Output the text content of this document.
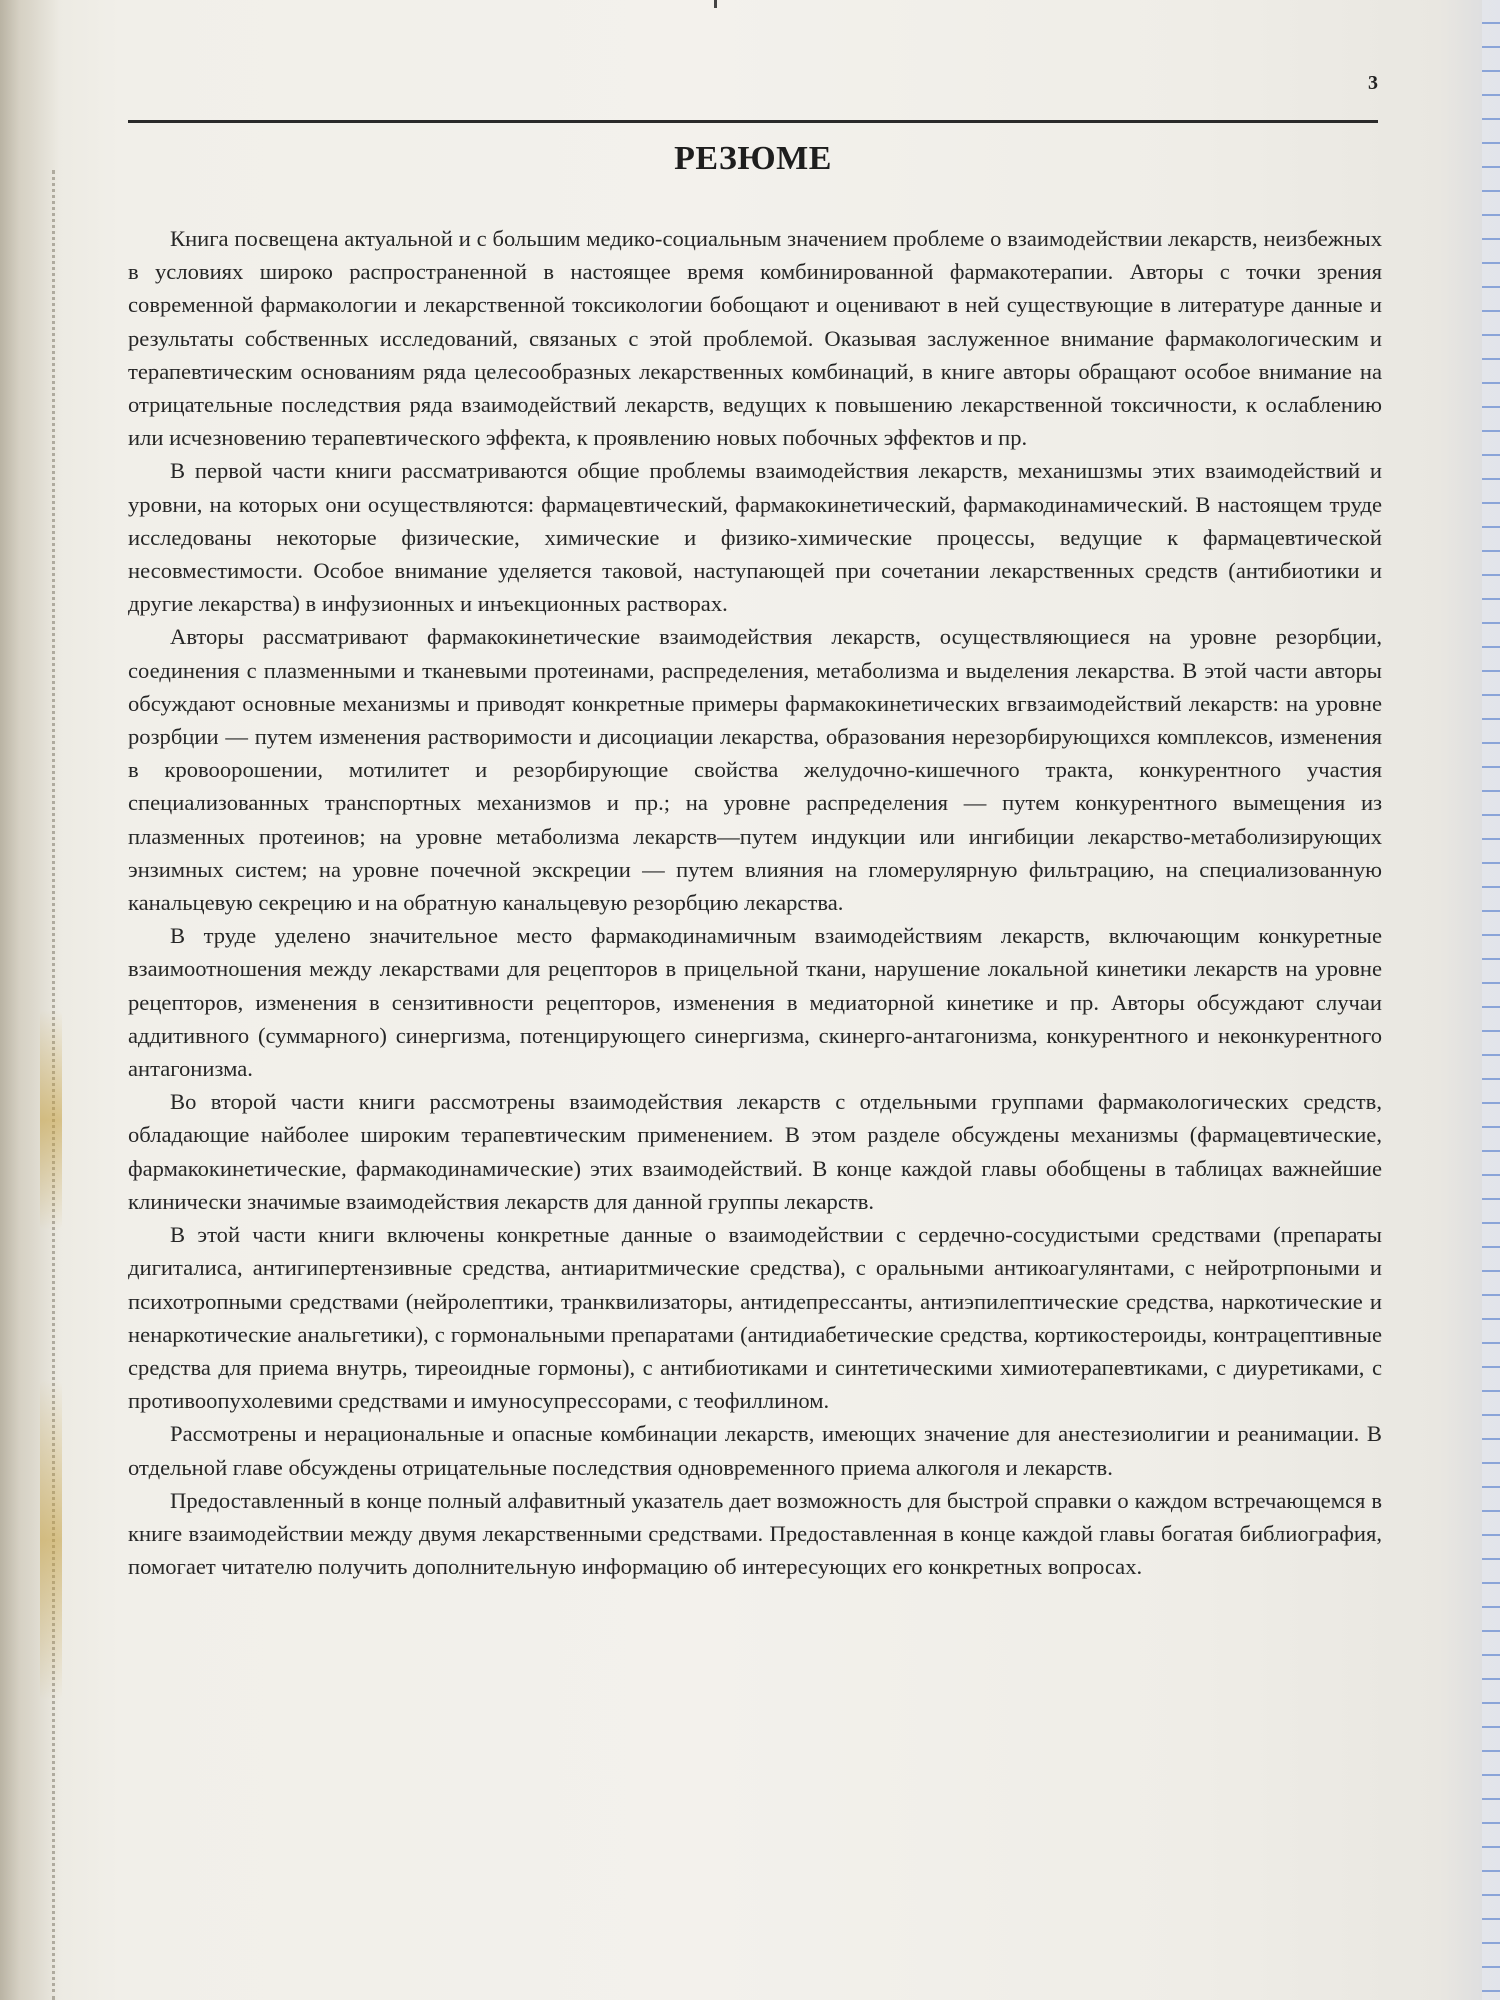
3
РЕЗЮМЕ

Книга посвещена актуальной и с большим медико-социальным значением проблеме о взаимодействии лекарств, неизбежных в условиях широко распространенной в настоящее время комбинированной фармакотерапии. Авторы с точки зрения современной фармакологии и лекарственной токсикологии бобощают и оценивают в ней существующие в литературе данные и результаты собственных исследований, связаных с этой проблемой. Оказывая заслуженное внимание фармакологическим и терапевтическим основаниям ряда целесообразных лекарственных комбинаций, в книге авторы обращают особое внимание на отрицательные последствия ряда взаимодействий лекарств, ведущих к повышению лекарственной токсичности, к ослаблению или исчезновению терапевтического эффекта, к проявлению новых побочных эффектов и пр.

В первой части книги рассматриваются общие проблемы взаимодействия лекарств, механишзмы этих взаимодействий и уровни, на которых они осуществляются: фармацевтический, фармакокинетический, фармакодинамический. В настоящем труде исследованы некоторые физические, химические и физико-химические процессы, ведущие к фармацевтической несовместимости. Особое внимание уделяется таковой, наступающей при сочетании лекарственных средств (антибиотики и другие лекарства) в инфузионных и инъекционных растворах.

Авторы рассматривают фармакокинетические взаимодействия лекарств, осуществляющиеся на уровне резорбции, соединения с плазменными и тканевыми протеинами, распределения, метаболизма и выделения лекарства. В этой части авторы обсуждают основные механизмы и приводят конкретные примеры фармакокинетических вгвзаимодействий лекарств: на уровне розрбции — путем изменения растворимости и дисоциации лекарства, образования нерезорбирующихся комплексов, изменения в кровоорошении, мотилитет и резорбирующие свойства желудочно-кишечного тракта, конкурентного участия специализованных транспортных механизмов и пр.; на уровне распределения — путем конкурентного вымещения из плазменных протеинов; на уровне метаболизма лекарств—путем индукции или ингибиции лекарство-метаболизирующих энзимных систем; на уровне почечной экскреции — путем влияния на гломерулярную фильтрацию, на специализованную канальцевую секрецию и на обратную канальцевую резорбцию лекарства.

В труде уделено значительное место фармакодинамичным взаимодействиям лекарств, включающим конкуретные взаимоотношения между лекарствами для рецепторов в прицельной ткани, нарушение локальной кинетики лекарств на уровне рецепторов, изменения в сензитивности рецепторов, изменения в медиаторной кинетике и пр. Авторы обсуждают случаи аддитивного (суммарного) синергизма, потенцирующего синергизма, скинерго-антагонизма, конкурентного и неконкурентного антагонизма.

Во второй части книги рассмотрены взаимодействия лекарств с отдельными группами фармакологических средств, обладающие найболее широким терапевтическим применением. В этом разделе обсуждены механизмы (фармацевтические, фармакокинетические, фармакодинамические) этих взаимодействий. В конце каждой главы обобщены в таблицах важнейшие клинически значимые взаимодействия лекарств для данной группы лекарств.

В этой части книги включены конкретные данные о взаимодействии с сердечно-сосудистыми средствами (препараты дигиталиса, антигипертензивные средства, антиаритмические средства), с оральными антикоагулянтами, с нейротрпоными и психотропными средствами (нейролептики, транквилизаторы, антидепрессанты, антиэпилептические средства, наркотические и ненаркотические анальгетики), с гормональными препаратами (антидиабетические средства, кортикостероиды, контрацептивные средства для приема внутрь, тиреоидные гормоны), с антибиотиками и синтетическими химиотерапевтиками, с диуретиками, с противоопухолевими средствами и имуносупрессорами, с теофиллином.

Рассмотрены и нерациональные и опасные комбинации лекарств, имеющих значение для анестезиолигии и реанимации. В отдельной главе обсуждены отрицательные последствия одновременного приема алкоголя и лекарств.

Предоставленный в конце полный алфавитный указатель дает возможность для быстрой справки о каждом встречающемся в книге взаимодействии между двумя лекарственными средствами. Предоставленная в конце каждой главы богатая библиография, помогает читателю получить дополнительную информацию об интересующих его конкретных вопросах.
